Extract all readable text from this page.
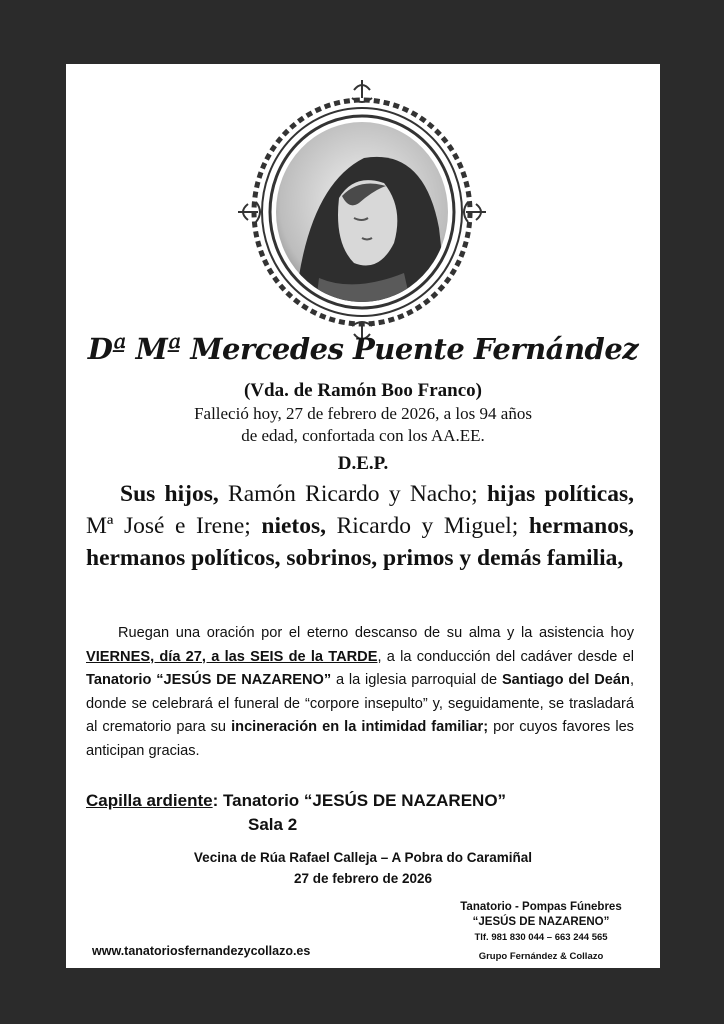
Dª Mª Mercedes Puente Fernández
(Vda. de Ramón Boo Franco)
Falleció hoy, 27 de febrero de 2026, a los 94 años
de edad, confortada con los AA.EE.
D.E.P.
Sus hijos, Ramón Ricardo y Nacho; hijas políticas, Mª José e Irene; nietos, Ricardo y Miguel; hermanos, hermanos políticos, sobrinos, primos y demás familia,
Ruegan una oración por el eterno descanso de su alma y la asistencia hoy VIERNES, día 27, a las SEIS de la TARDE, a la conducción del cadáver desde el Tanatorio “JESÚS DE NAZARENO” a la iglesia parroquial de Santiago del Deán, donde se celebrará el funeral de “corpore insepulto” y, seguidamente, se trasladará al crematorio para su incineración en la intimidad familiar; por cuyos favores les anticipan gracias.
Capilla ardiente: Tanatorio “JESÚS DE NAZARENO”
Sala 2
Vecina de Rúa Rafael Calleja – A Pobra do Caramiñal
27 de febrero de 2026
Tanatorio - Pompas Fúnebres
“JESÚS DE NAZARENO”
Tlf. 981 830 044 – 663 244 565
Grupo Fernández & Collazo
www.tanatoriosfernandezycollazo.es
